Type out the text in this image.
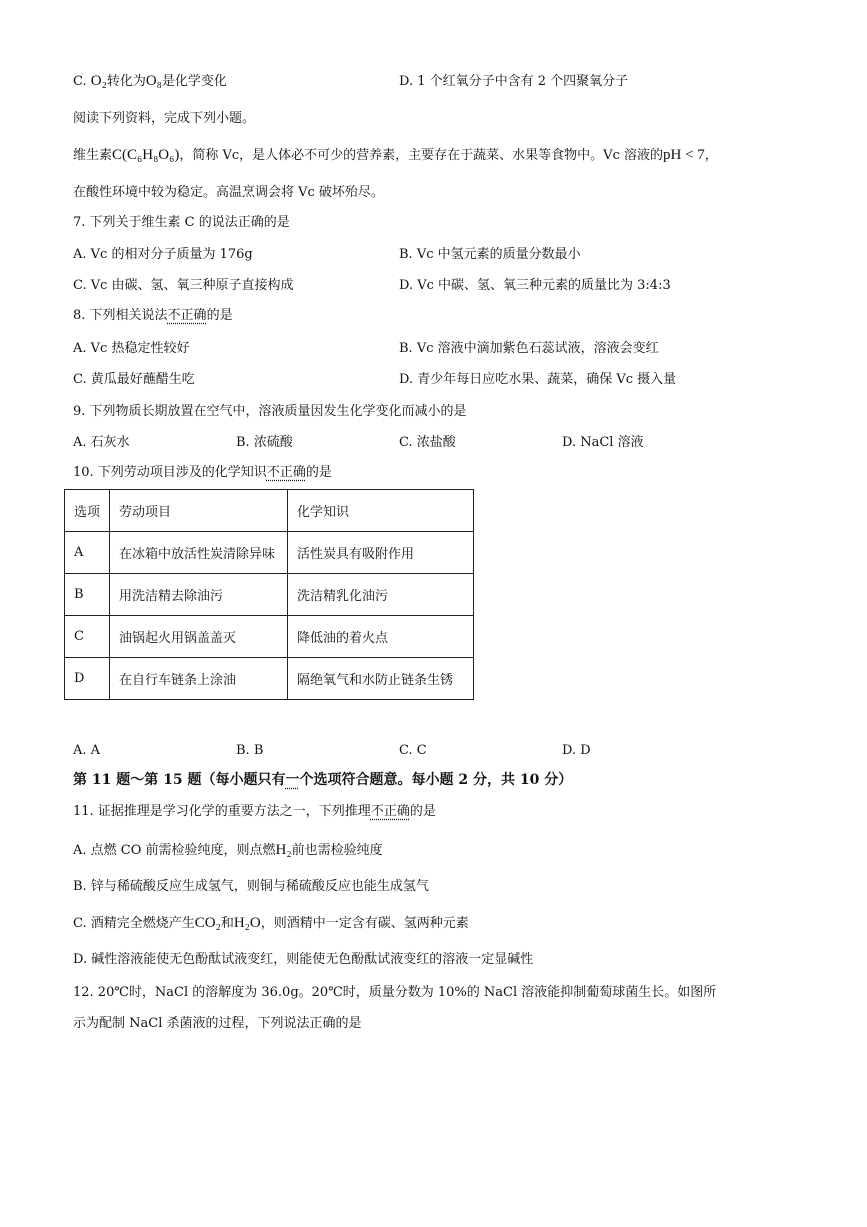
C. O₂转化为O₈是化学变化	D. 1 个红氧分子中含有 2 个四聚氧分子
阅读下列资料，完成下列小题。
维生素C(C₆H₈O₆)，简称 Vc，是人体必不可少的营养素，主要存在于蔬菜、水果等食物中。Vc 溶液的pH < 7，
在酸性环境中较为稳定。高温烹调会将 Vc 破坏殆尽。
7. 下列关于维生素 C 的说法正确的是
A. Vc 的相对分子质量为 176g	B. Vc 中氢元素的质量分数最小
C. Vc 由碳、氢、氧三种原子直接构成	D. Vc 中碳、氢、氧三种元素的质量比为 3:4:3
8. 下列相关说法不正确的是
A. Vc 热稳定性较好	B. Vc 溶液中滴加紫色石蕊试液，溶液会变红
C. 黄瓜最好蘸醋生吃	D. 青少年每日应吃水果、蔬菜，确保 Vc 摄入量
9. 下列物质长期放置在空气中，溶液质量因发生化学变化而减小的是
A. 石灰水	B. 浓硫酸	C. 浓盐酸	D. NaCl 溶液
10. 下列劳动项目涉及的化学知识不正确的是
选项	劳动项目	化学知识
A	在冰箱中放活性炭清除异味	活性炭具有吸附作用
B	用洗洁精去除油污	洗洁精乳化油污
C	油锅起火用锅盖盖灭	降低油的着火点
D	在自行车链条上涂油	隔绝氧气和水防止链条生锈
A. A	B. B	C. C	D. D
第 11 题～第 15 题（每小题只有一个选项符合题意。每小题 2 分，共 10 分）
11. 证据推理是学习化学的重要方法之一，下列推理不正确的是
A. 点燃 CO 前需检验纯度，则点燃H₂前也需检验纯度
B. 锌与稀硫酸反应生成氢气，则铜与稀硫酸反应也能生成氢气
C. 酒精完全燃烧产生CO₂和H₂O，则酒精中一定含有碳、氢两种元素
D. 碱性溶液能使无色酚酞试液变红，则能使无色酚酞试液变红的溶液一定显碱性
12. 20℃时，NaCl 的溶解度为 36.0g。20℃时，质量分数为 10%的 NaCl 溶液能抑制葡萄球菌生长。如图所
示为配制 NaCl 杀菌液的过程，下列说法正确的是
